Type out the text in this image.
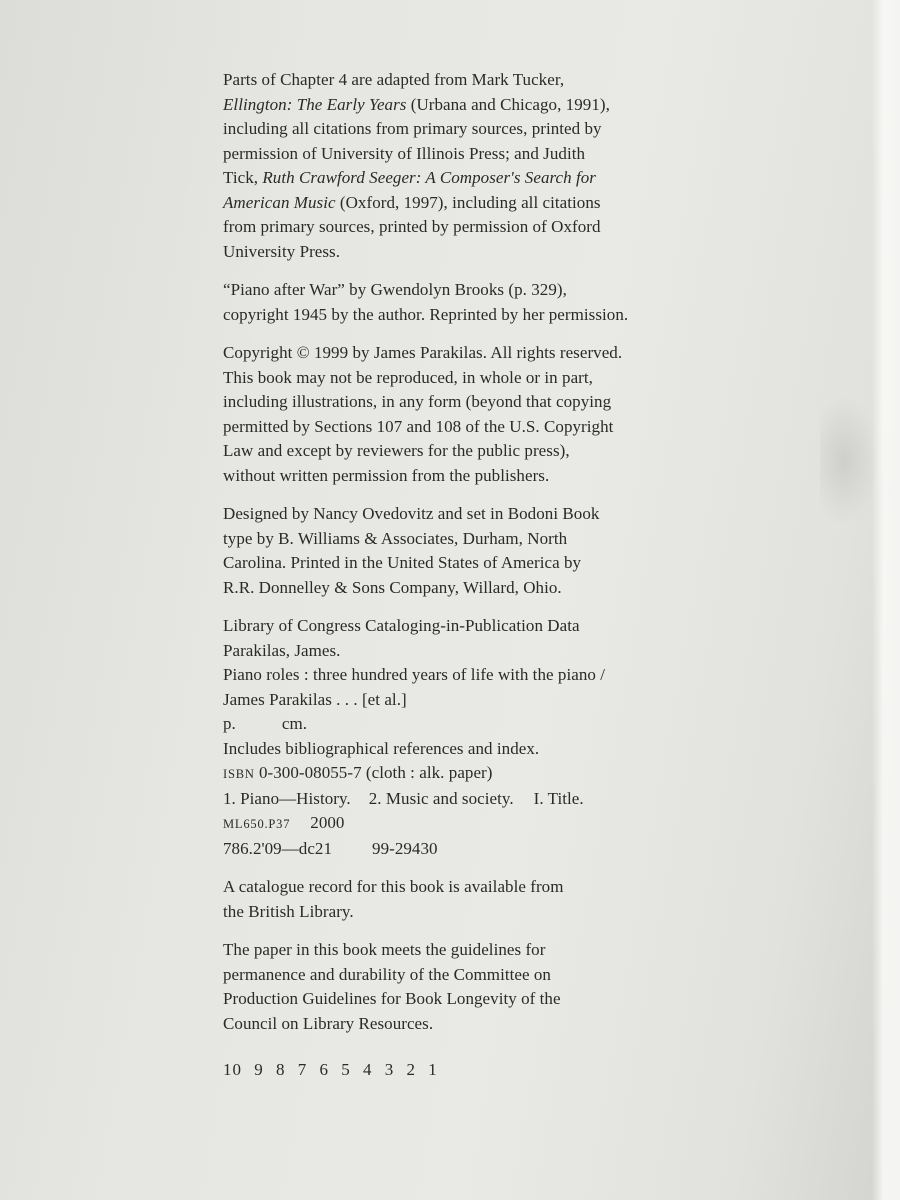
Parts of Chapter 4 are adapted from Mark Tucker,
Ellington: The Early Years (Urbana and Chicago, 1991),
including all citations from primary sources, printed by
permission of University of Illinois Press; and Judith
Tick, Ruth Crawford Seeger: A Composer's Search for
American Music (Oxford, 1997), including all citations
from primary sources, printed by permission of Oxford
University Press.
“Piano after War” by Gwendolyn Brooks (p. 329),
copyright 1945 by the author. Reprinted by her permission.
Copyright © 1999 by James Parakilas. All rights reserved.
This book may not be reproduced, in whole or in part,
including illustrations, in any form (beyond that copying
permitted by Sections 107 and 108 of the U.S. Copyright
Law and except by reviewers for the public press),
without written permission from the publishers.
Designed by Nancy Ovedovitz and set in Bodoni Book
type by B. Williams & Associates, Durham, North
Carolina. Printed in the United States of America by
R.R. Donnelley & Sons Company, Willard, Ohio.
Library of Congress Cataloging-in-Publication Data
Parakilas, James.
Piano roles : three hundred years of life with the piano /
James Parakilas . . . [et al.]
p.	cm.
Includes bibliographical references and index.
ISBN 0-300-08055-7 (cloth : alk. paper)
1. Piano—History. 2. Music and society. I. Title.
ML650.P37 2000
786.2'09—dc21 99-29430
A catalogue record for this book is available from
the British Library.
The paper in this book meets the guidelines for
permanence and durability of the Committee on
Production Guidelines for Book Longevity of the
Council on Library Resources.
10 9 8 7 6 5 4 3 2 1
